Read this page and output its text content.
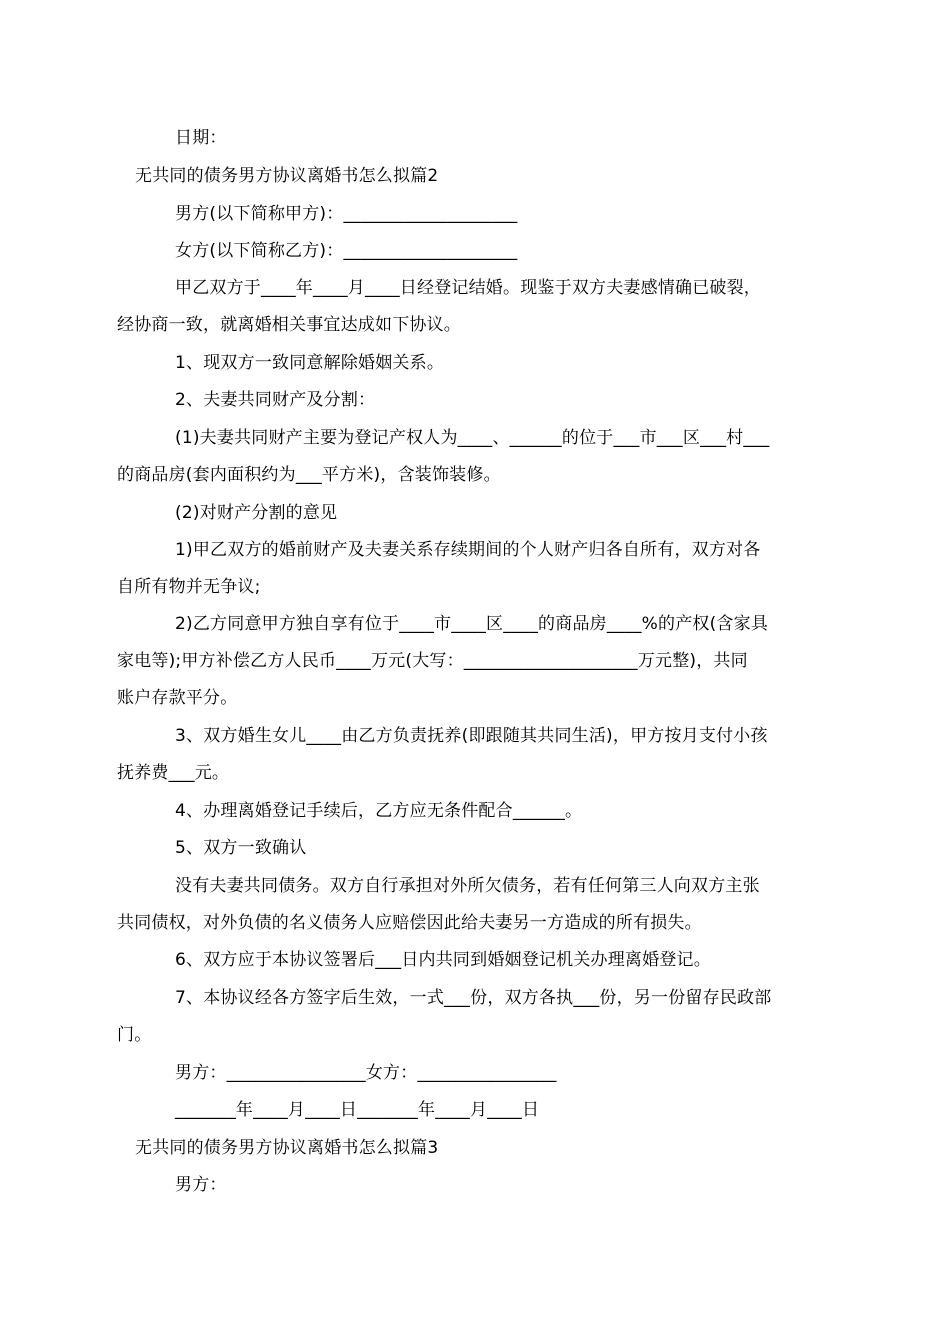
日期：
无共同的债务男方协议离婚书怎么拟篇2
男方(以下简称甲方)：____________________
女方(以下简称乙方)：____________________
甲乙双方于____年____月____日经登记结婚。现鉴于双方夫妻感情确已破裂，
经协商一致，就离婚相关事宜达成如下协议。
1、现双方一致同意解除婚姻关系。
2、夫妻共同财产及分割：
(1)夫妻共同财产主要为登记产权人为____、______的位于___市___区___村___
的商品房(套内面积约为___平方米)，含装饰装修。
(2)对财产分割的意见
1)甲乙双方的婚前财产及夫妻关系存续期间的个人财产归各自所有，双方对各
自所有物并无争议;
2)乙方同意甲方独自享有位于____市____区____的商品房____%的产权(含家具
家电等);甲方补偿乙方人民币____万元(大写：____________________万元整)，共同
账户存款平分。
3、双方婚生女儿____由乙方负责抚养(即跟随其共同生活)，甲方按月支付小孩
抚养费___元。
4、办理离婚登记手续后，乙方应无条件配合______。
5、双方一致确认
没有夫妻共同债务。双方自行承担对外所欠债务，若有任何第三人向双方主张
共同债权，对外负债的名义债务人应赔偿因此给夫妻另一方造成的所有损失。
6、双方应于本协议签署后___日内共同到婚姻登记机关办理离婚登记。
7、本协议经各方签字后生效，一式___份，双方各执___份，另一份留存民政部
门。
男方：________________女方：________________
_______年____月____日_______年____月____日
无共同的债务男方协议离婚书怎么拟篇3
男方：
